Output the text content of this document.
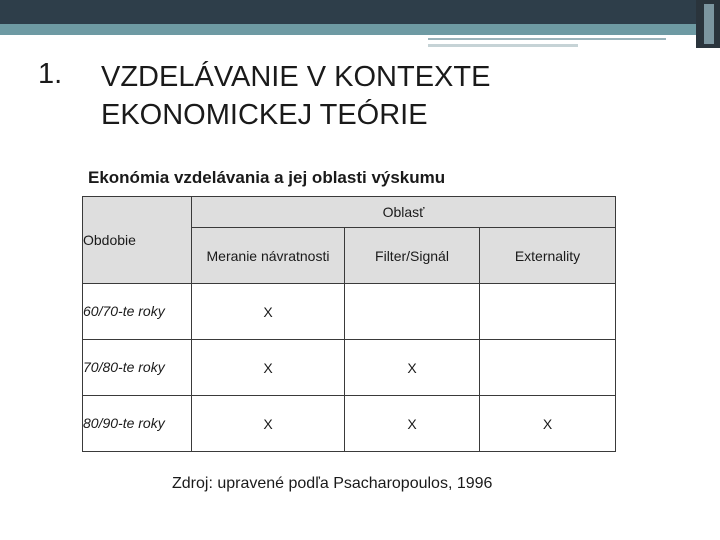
1. VZDELÁVANIE V KONTEXTE
EKONOMICKEJ TEÓRIE
Ekonómia vzdelávania a jej oblasti výskumu
Obdobie	Oblasť		
	Meranie návratnosti	Filter/Signál	Externality
60/70-te roky	X		
70/80-te roky	X	X	
80/90-te roky	X	X	X
Zdroj: upravené podľa Psacharopoulos, 1996
